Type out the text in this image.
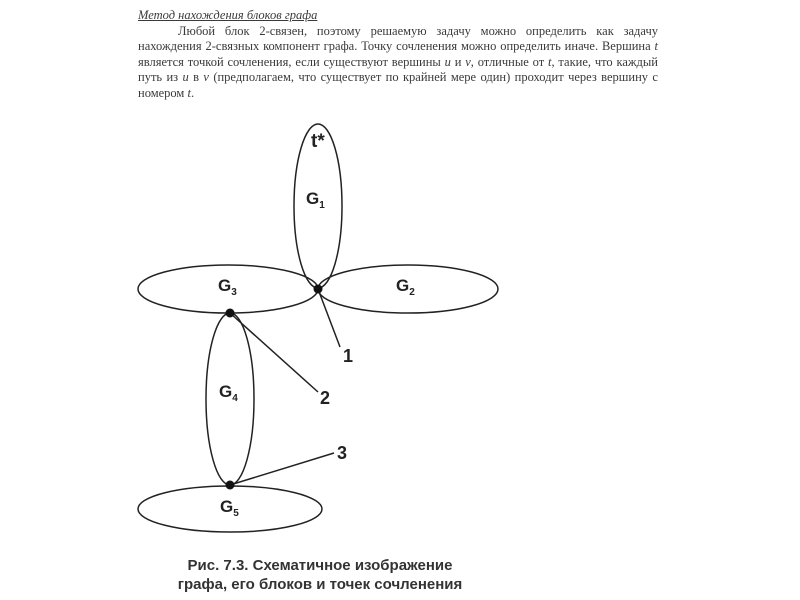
Метод нахождения блоков графа
Любой блок 2-связен, поэтому решаемую задачу можно определить как задачу нахождения 2-связных компонент графа. Точку сочленения можно определить иначе. Вершина t является точкой сочленения, если существуют вершины u и v, отличные от t, такие, что каждый путь из u в v (предполагаем, что существует по крайней мере один) проходит через вершину с номером t.
t*
$G_1$
$G_2$
$G_3$
$G_4$
$G_5$
1
2
3
Рис. 7.3. Схематичное изображение
графа, его блоков и точек сочленения
